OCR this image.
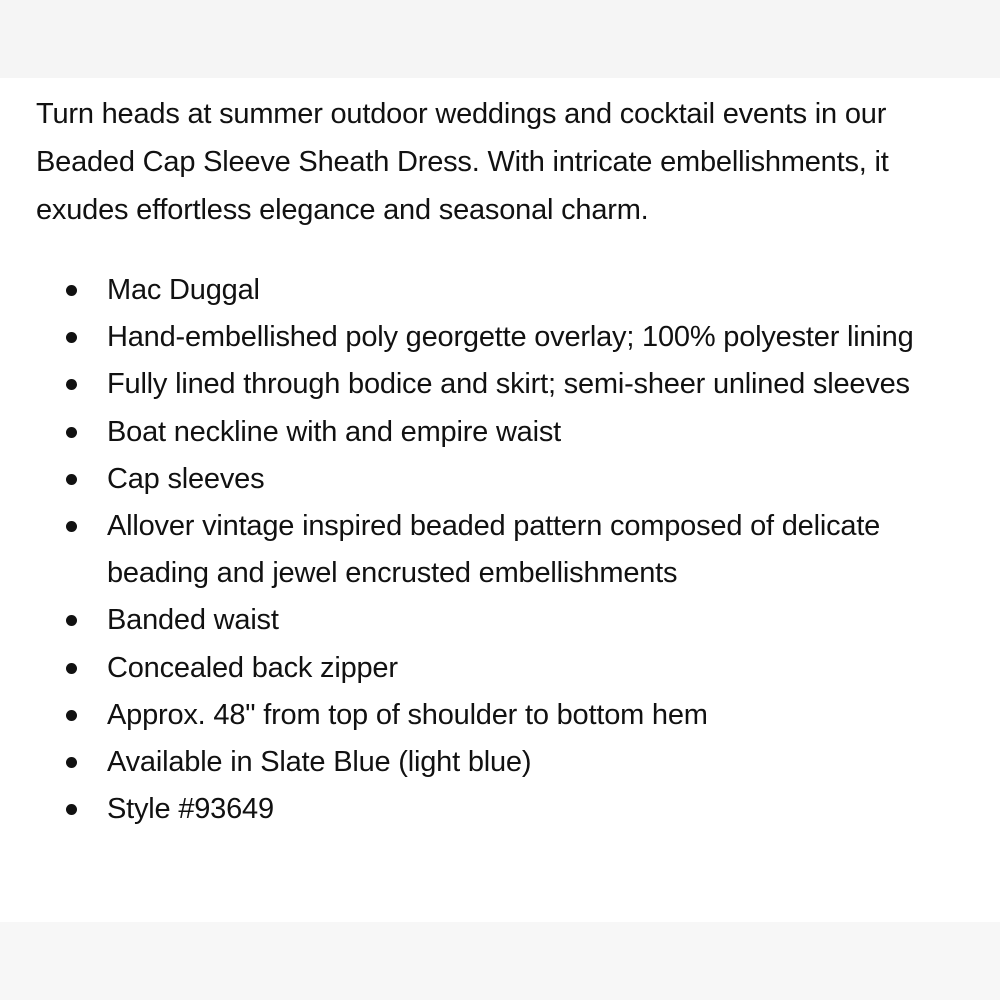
Turn heads at summer outdoor weddings and cocktail events in our Beaded Cap Sleeve Sheath Dress. With intricate embellishments, it exudes effortless elegance and seasonal charm.

Mac Duggal
Hand-embellished poly georgette overlay; 100% polyester lining
Fully lined through bodice and skirt; semi-sheer unlined sleeves
Boat neckline with and empire waist
Cap sleeves
Allover vintage inspired beaded pattern composed of delicate beading and jewel encrusted embellishments
Banded waist
Concealed back zipper
Approx. 48" from top of shoulder to bottom hem
Available in Slate Blue (light blue)
Style #93649
